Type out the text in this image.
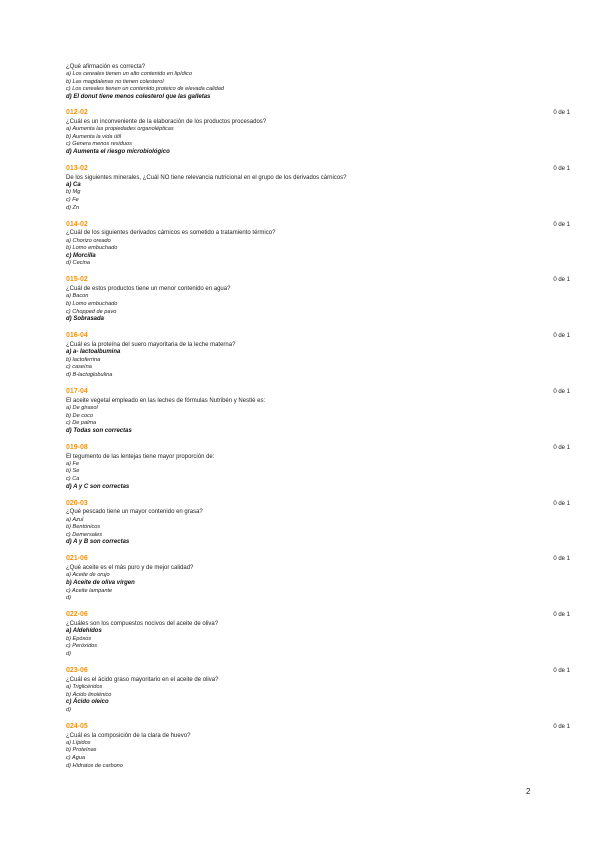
¿Qué afirmación es correcta?
a) Los cereales tienen un alto contenido en lipídico
b) Las magdalenas no tienen colesterol
c) Los cereales tienen un contenido proteico de elevada calidad
d) El donut tiene menos colesterol que las galletas
012-02	0 de 1
¿Cuál es un inconveniente de la elaboración de los productos procesados?
a) Aumenta las propiedades organolépticas
b) Aumenta la vida útil
c) Genera menos residuos
d) Aumenta el riesgo microbiológico
013-02	0 de 1
De los siguientes minerales, ¿Cuál NO tiene relevancia nutricional en el grupo de los derivados cárnicos?
a) Ca
b) Mg
c) Fe
d) Zn
014-02	0 de 1
¿Cuál de los siguientes derivados cárnicos es sometido a tratamiento térmico?
a) Chorizo oreado
b) Lomo embuchado
c) Morcilla
d) Cecina
015-02	0 de 1
¿Cuál de estos productos tiene un menor contenido en agua?
a) Bacon
b) Lomo embuchado
c) Chopped de pavo
d) Sobrasada
016-04	0 de 1
¿Cuál es la proteína del suero mayoritaria de la leche materna?
a) a- lactoalbumina
b) lactoferrina
c) caseína
d) B-lactoglobulina
017-04	0 de 1
El aceite vegetal empleado en las leches de fórmulas Nutribén y Nestlé es:
a) De girasol
b) De coco
c) De palma
d) Todas son correctas
019-08	0 de 1
El tegumento de las lentejas tiene mayor proporción de:
a) Fe
b) Se
c) Ca
d) A y C son correctas
020-03	0 de 1
¿Qué pescado tiene un mayor contenido en grasa?
a) Azul
b) Bentónicos
c) Demersales
d) A y B son correctas
021-06	0 de 1
¿Qué aceite es el más puro y de mejor calidad?
a) Aceite de orujo
b) Aceite de oliva virgen
c) Aceite lampante
d)
022-06	0 de 1
¿Cuáles son los compuestos nocivos del aceite de oliva?
a) Aldehídos
b) Epóxos
c) Peróxidos
d)
023-06	0 de 1
¿Cuál es el ácido graso mayoritario en el aceite de oliva?
a) Triglicéridos
b) Ácido linolénico
c) Ácido oleico
d)
024-05	0 de 1
¿Cuál es la composición de la clara de huevo?
a) Lípidos
b) Proteínas
c) Agua
d) Hidratos de carbono
2
